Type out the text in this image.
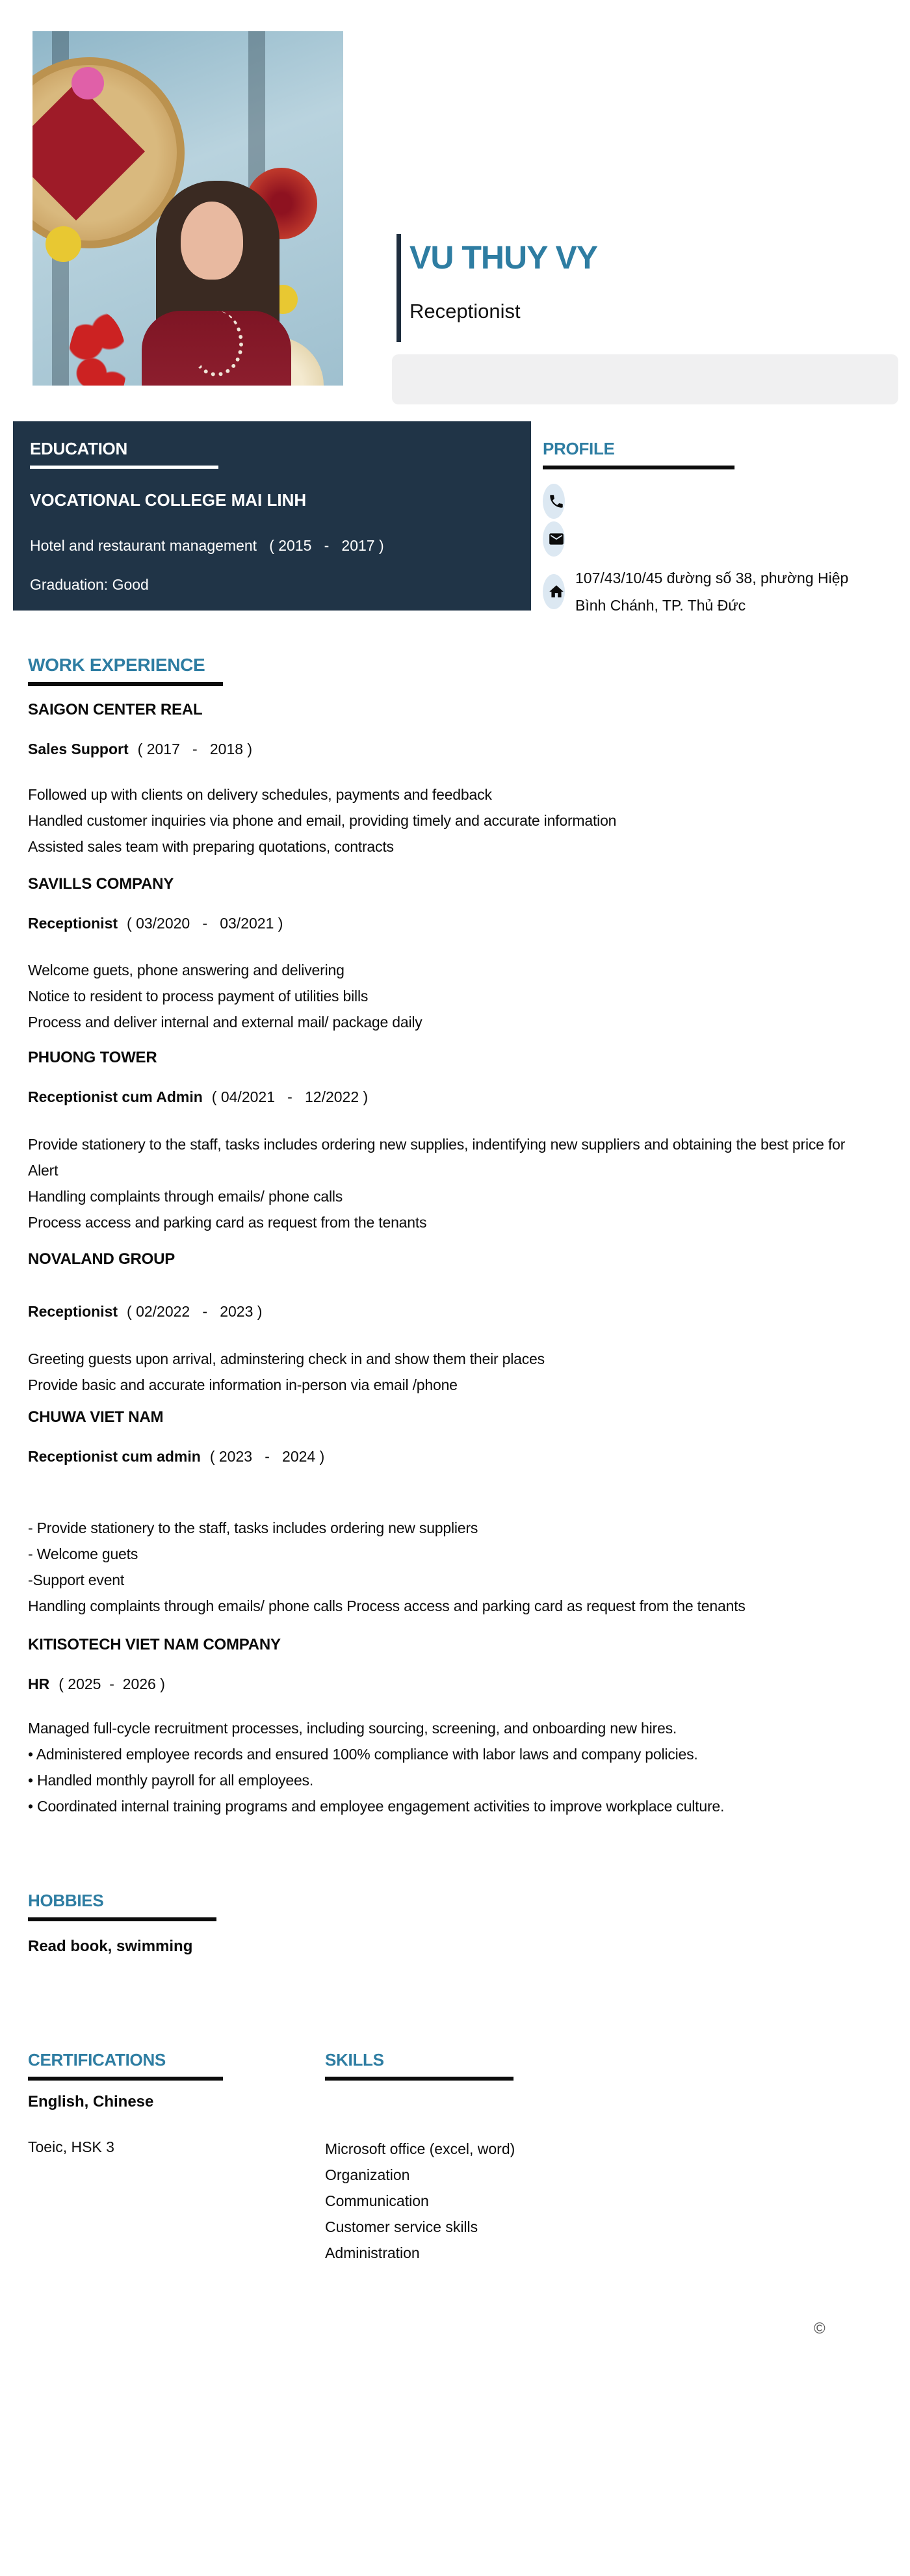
VU THUY VY
Receptionist
EDUCATION
VOCATIONAL COLLEGE MAI LINH
Hotel and restaurant management   ( 2015   -   2017 )
Graduation: Good
PROFILE
107/43/10/45 đường số 38, phường Hiệp Bình Chánh, TP. Thủ Đức
WORK EXPERIENCE
SAIGON CENTER REAL
Sales Support ( 2017   -   2018 )
Followed up with clients on delivery schedules, payments and feedback
Handled customer inquiries via phone and email, providing timely and accurate information
Assisted sales team with preparing quotations, contracts
SAVILLS COMPANY
Receptionist ( 03/2020   -   03/2021 )
Welcome guets, phone answering and delivering
Notice to resident to process payment of utilities bills
Process and deliver internal and external mail/ package daily
PHUONG TOWER
Receptionist cum Admin ( 04/2021   -   12/2022 )
Provide stationery to the staff, tasks includes ordering new supplies, indentifying new suppliers and obtaining the best price for Alert
Handling complaints through emails/ phone calls
Process access and parking card as request from the tenants
NOVALAND GROUP
Receptionist ( 02/2022   -   2023 )
Greeting guests upon arrival, adminstering check in and show them their places
Provide basic and accurate information in-person via email /phone
CHUWA VIET NAM
Receptionist cum admin ( 2023   -   2024 )
- Provide stationery to the staff, tasks includes ordering new suppliers
- Welcome guets
-Support event
Handling complaints through emails/ phone calls Process access and parking card as request from the tenants
KITISOTECH VIET NAM COMPANY
HR ( 2025  -  2026 )
Managed full-cycle recruitment processes, including sourcing, screening, and onboarding new hires.
• Administered employee records and ensured 100% compliance with labor laws and company policies.
• Handled monthly payroll for all employees.
• Coordinated internal training programs and employee engagement activities to improve workplace culture.
HOBBIES
Read book, swimming
CERTIFICATIONS
English, Chinese
Toeic, HSK 3
SKILLS
Microsoft office (excel, word)
Organization
Communication
Customer service skills
Administration
©
